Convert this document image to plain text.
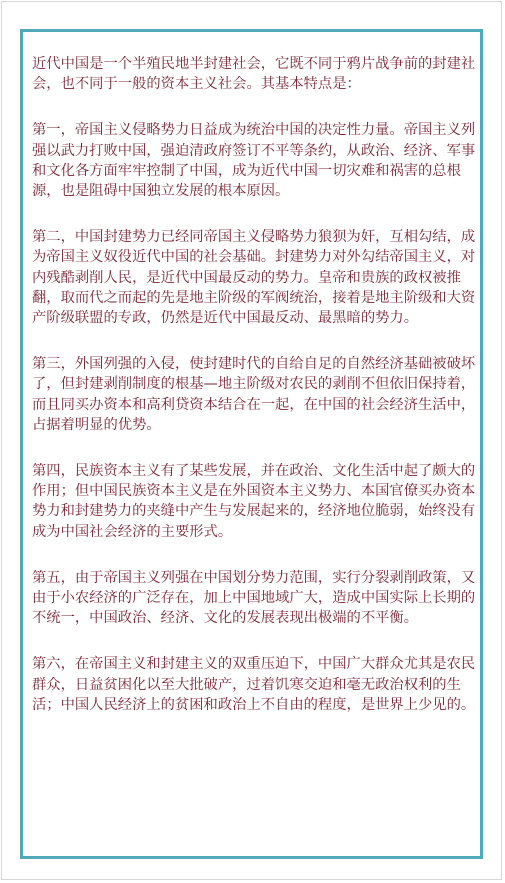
近代中国是一个半殖民地半封建社会，它既不同于鸦片战争前的封建社会，也不同于一般的资本主义社会。其基本特点是：

第一，帝国主义侵略势力日益成为统治中国的决定性力量。帝国主义列强以武力打败中国，强迫清政府签订不平等条约，从政治、经济、军事和文化各方面牢牢控制了中国，成为近代中国一切灾难和祸害的总根源，也是阻碍中国独立发展的根本原因。

第二，中国封建势力已经同帝国主义侵略势力狼狈为奸，互相勾结，成为帝国主义奴役近代中国的社会基础。封建势力对外勾结帝国主义，对内残酷剥削人民，是近代中国最反动的势力。皇帝和贵族的政权被推翻，取而代之而起的先是地主阶级的军阀统治，接着是地主阶级和大资产阶级联盟的专政，仍然是近代中国最反动、最黑暗的势力。

第三，外国列强的入侵，使封建时代的自给自足的自然经济基础被破坏了，但封建剥削制度的根基—地主阶级对农民的剥削不但依旧保持着，而且同买办资本和高利贷资本结合在一起，在中国的社会经济生活中，占据着明显的优势。

第四，民族资本主义有了某些发展，并在政治、文化生活中起了颇大的作用；但中国民族资本主义是在外国资本主义势力、本国官僚买办资本势力和封建势力的夹缝中产生与发展起来的，经济地位脆弱，始终没有成为中国社会经济的主要形式。

第五，由于帝国主义列强在中国划分势力范围，实行分裂剥削政策，又由于小农经济的广泛存在，加上中国地域广大，造成中国实际上长期的不统一，中国政治、经济、文化的发展表现出极端的不平衡。

第六，在帝国主义和封建主义的双重压迫下，中国广大群众尤其是农民群众，日益贫困化以至大批破产，过着饥寒交迫和毫无政治权利的生活；中国人民经济上的贫困和政治上不自由的程度，是世界上少见的。
